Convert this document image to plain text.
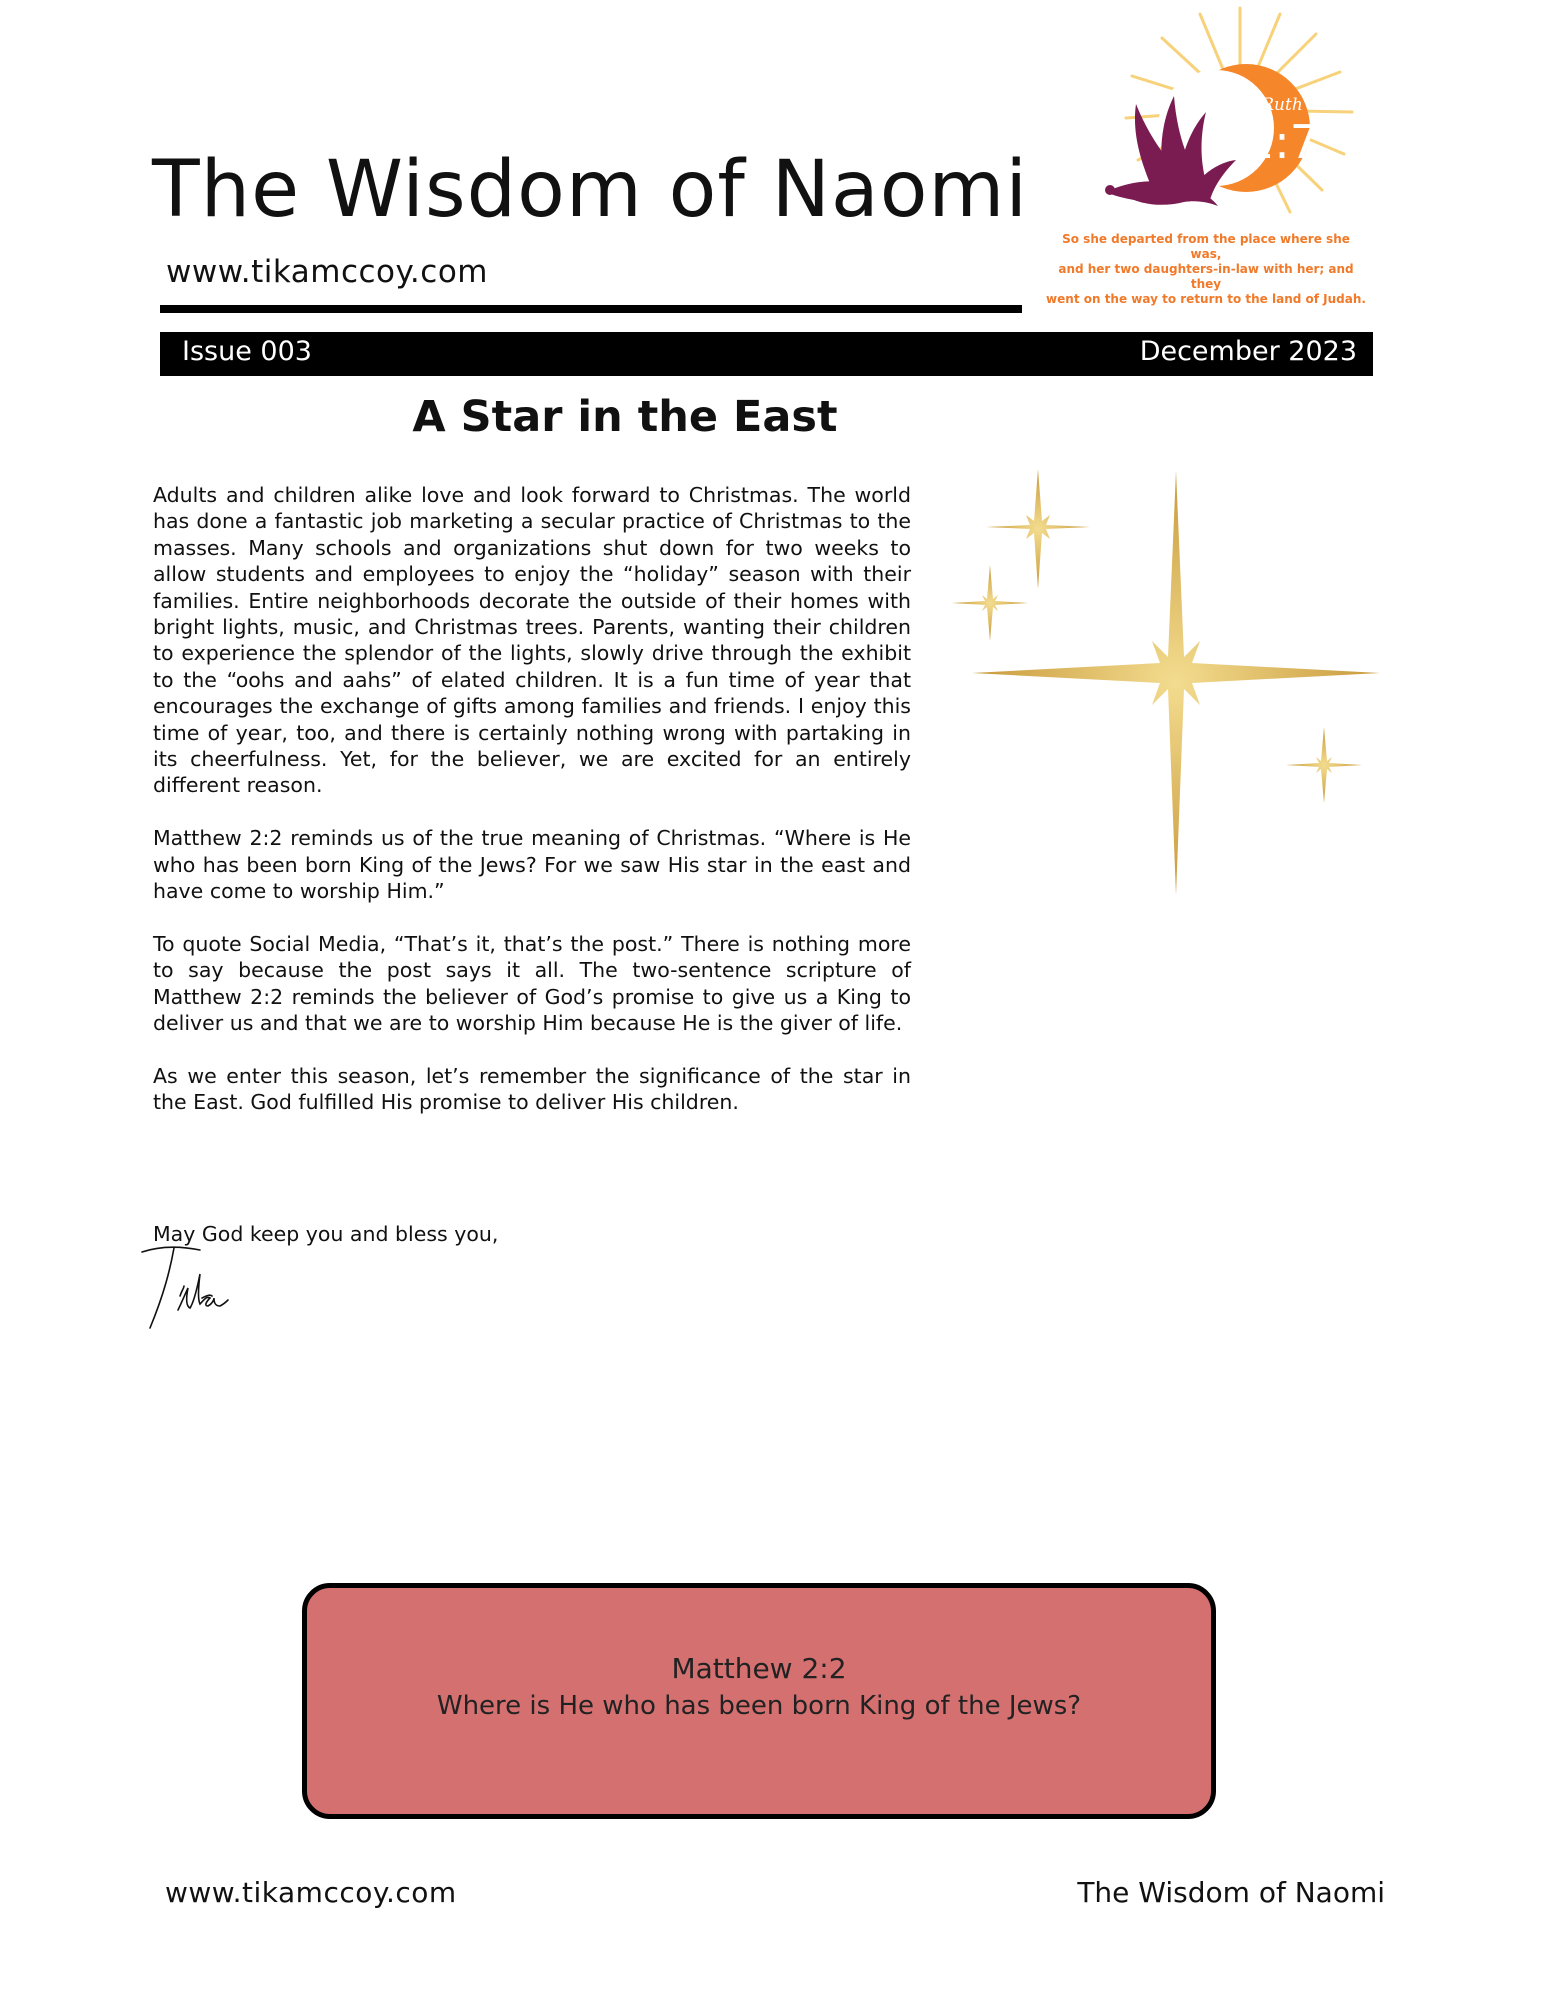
The Wisdom of Naomi
www.tikamccoy.com
Ruth
1:7
So she departed from the place where she was,
and her two daughters-in-law with her; and they
went on the way to return to the land of Judah.
Issue 003	December 2023
A Star in the East

Adults and children alike love and look forward to Christmas. The world has done a fantastic job marketing a secular practice of Christmas to the masses. Many schools and organizations shut down for two weeks to allow students and employees to enjoy the “holiday” season with their families. Entire neighborhoods decorate the outside of their homes with bright lights, music, and Christmas trees. Parents, wanting their children to experience the splendor of the lights, slowly drive through the exhibit to the “oohs and aahs” of elated children. It is a fun time of year that encourages the exchange of gifts among families and friends. I enjoy this time of year, too, and there is certainly nothing wrong with partaking in its cheerfulness. Yet, for the believer, we are excited for an entirely different reason.

Matthew 2:2 reminds us of the true meaning of Christmas. “Where is He who has been born King of the Jews? For we saw His star in the east and have come to worship Him.”

To quote Social Media, “That’s it, that’s the post.” There is nothing more to say because the post says it all. The two-sentence scripture of Matthew 2:2 reminds the believer of God’s promise to give us a King to deliver us and that we are to worship Him because He is the giver of life.

As we enter this season, let’s remember the significance of the star in the East. God fulfilled His promise to deliver His children.

May God keep you and bless you,
Matthew 2:2
Where is He who has been born King of the Jews?
www.tikamccoy.com	The Wisdom of Naomi
